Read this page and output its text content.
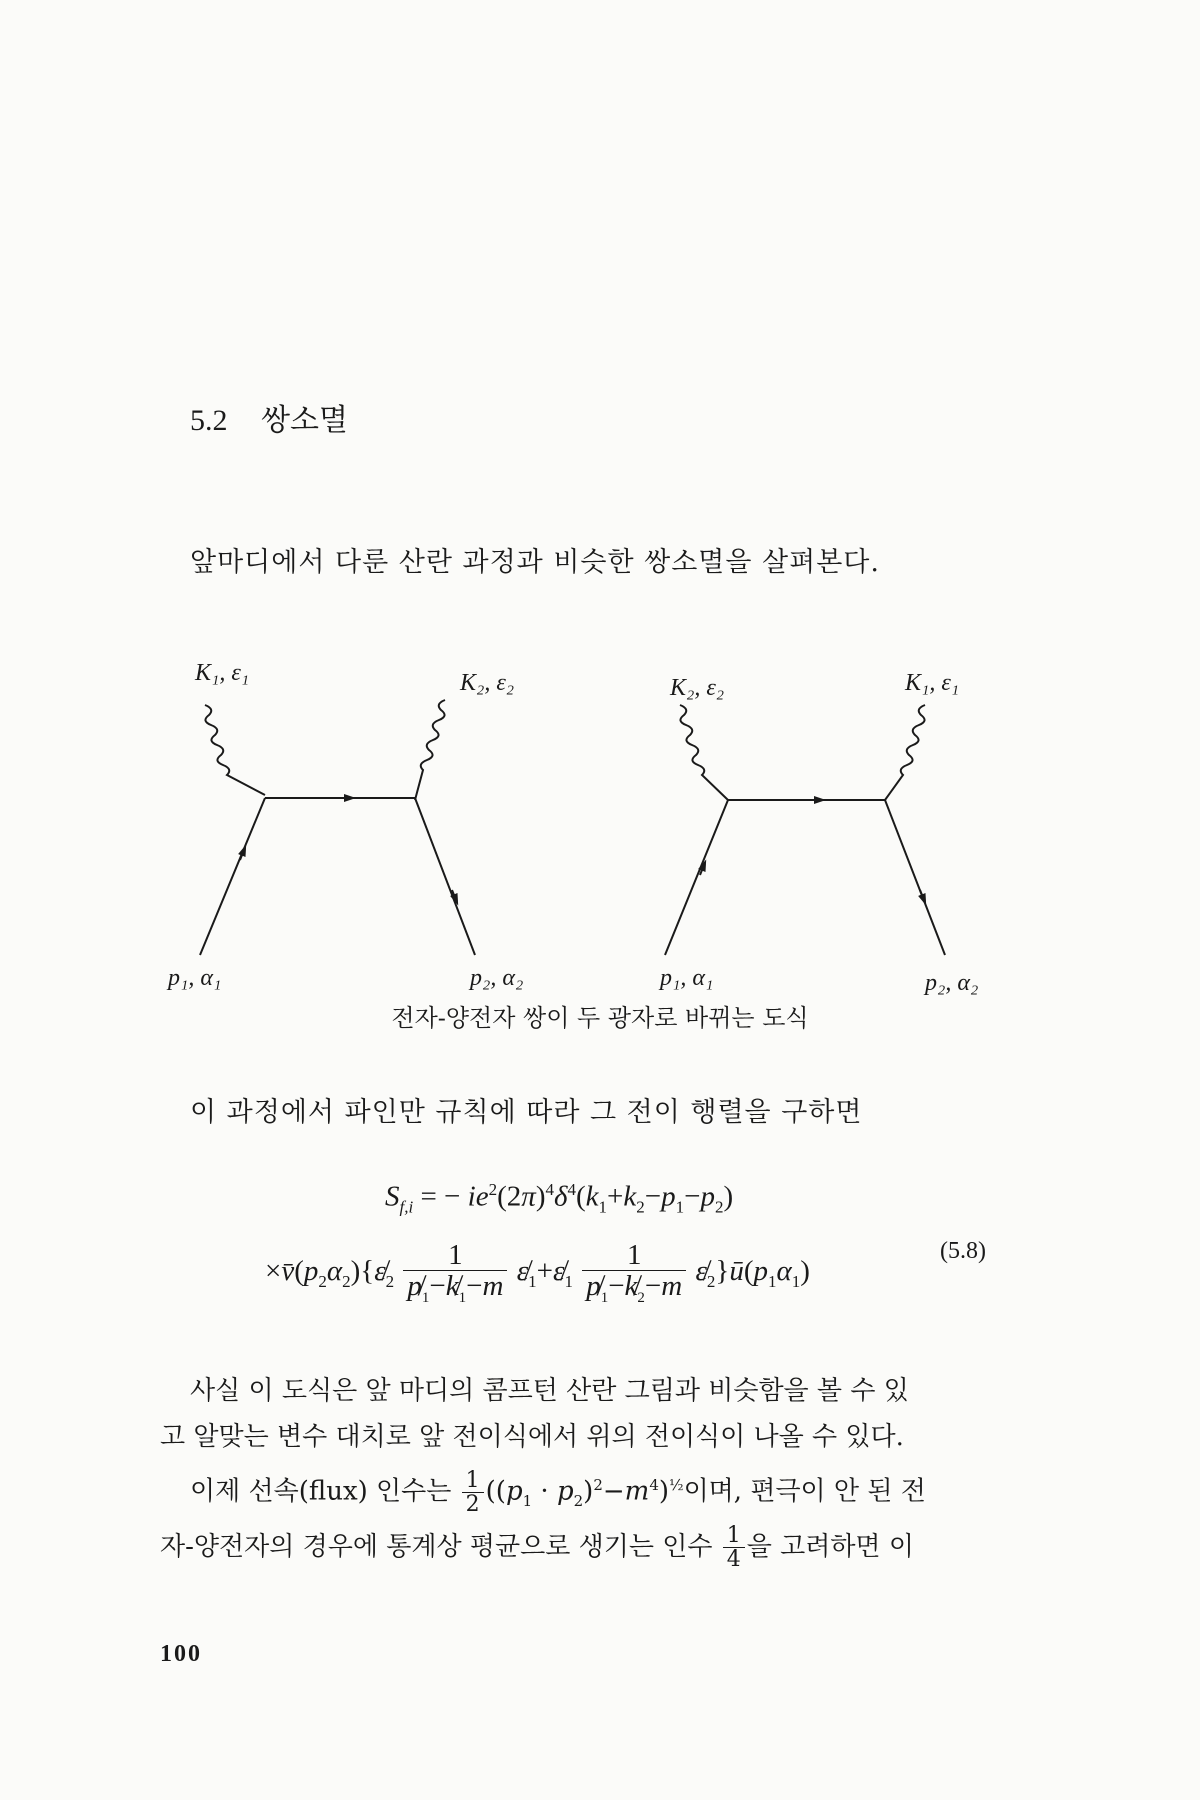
5.2 쌍소멸
앞마디에서 다룬 산란 과정과 비슷한 쌍소멸을 살펴본다.
K₁, ε₁	K₂, ε₂
p₁, α₁	p₂, α₂
K₂, ε₂	K₁, ε₁
p₁, α₁	p₂, α₂
전자-양전자 쌍이 두 광자로 바뀌는 도식
이 과정에서 파인만 규칙에 따라 그 전이 행렬을 구하면
$S_{f,i}$ = − $ie^2(2\pi)^4\delta^4(k_1+k_2-p_1-p_2)$
$\times v̄(p_2\alpha_2)\{\varepsilon̸_2 \frac{1}{p̸_1-k̸_1-m}$ $\varepsilon̸_1+\varepsilon̸_1 \frac{1}{p̸_1-k̸_2-m}$ $\varepsilon̸_2\}ū(p_1\alpha_1)$
(5.8)

사실 이 도식은 앞 마디의 콤프턴 산란 그림과 비슷함을 볼 수 있

고 알맞는 변수 대치로 앞 전이식에서 위의 전이식이 나올 수 있다.

이제 선속(flux) 인수는 $\frac{1}{2} ((p_1 \cdot p_2)^2-m^4)^{\frac{1}{2}}$이며, 편극이 안 된 전

자-양전자의 경우에 통계상 평균으로 생기는 인수 $\frac{1}{4}$ 을 고려하면 이

100
